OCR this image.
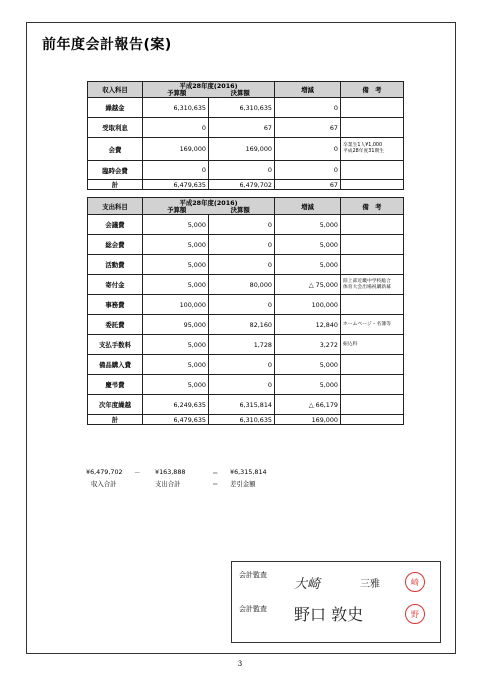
前年度会計報告(案)
収入科目	平成28年度(2016)
予算額 決算額		増減	備　考
繰越金	6,310,635	6,310,635	0	
受取利息	0	67	67	
会費	169,000	169,000	0	卒業生1人¥1,000
平成28年度31期生
臨時会費	0	0	0	
計	6,479,635	6,479,702	67	
支出科目	平成28年度(2016)
予算額 決算額		増減	備　考
会議費	5,000	0	5,000	
総会費	5,000	0	5,000	
活動費	5,000	0	5,000	
寄付金	5,000	80,000	△ 75,000	陸上部近畿中学校総合
体育大会出場祝購新幕
事務費	100,000	0	100,000	
委託費	95,000	82,160	12,840	ホームページ・名簿等
支払手数料	5,000	1,728	3,272	振込料
備品購入費	5,000	0	5,000	
慶弔費	5,000	0	5,000	
次年度繰越	6,249,635	6,315,814	△ 66,179	
計	6,479,635	6,310,635	169,000	
¥6,479,702 － ¥163,888	＝ ¥6,315,814
収入合計	支出合計	＝ 差引金額
会計監査
大崎	三雅	崎
会計監査 野口 敦史	野
3
